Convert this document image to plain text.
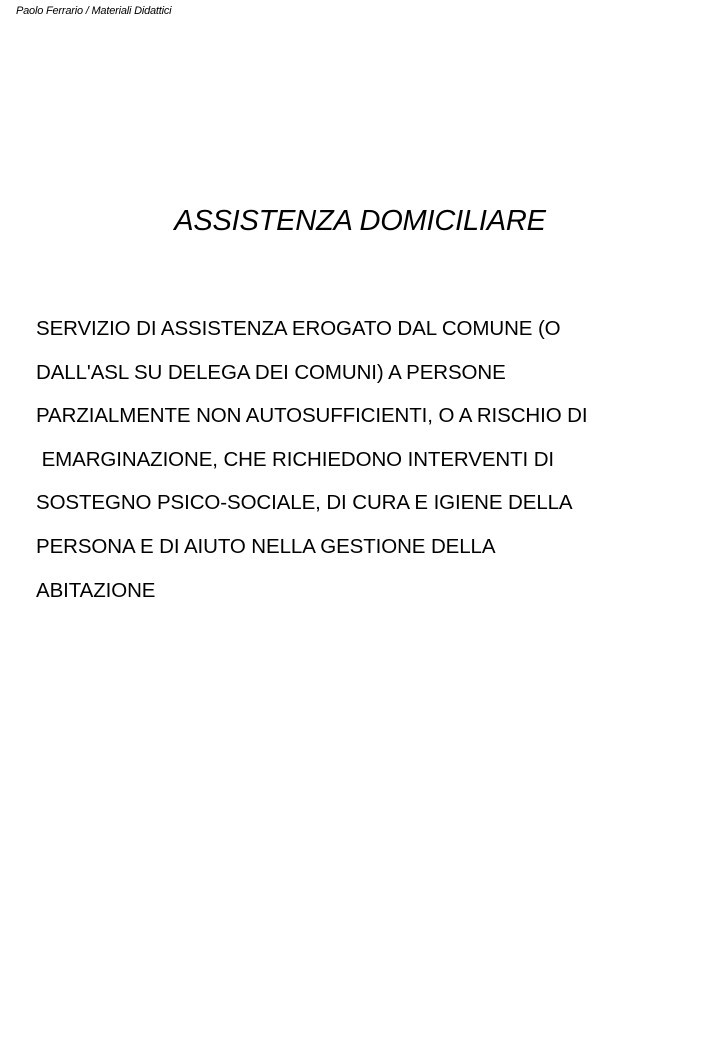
Paolo Ferrario / Materiali Didattici
ASSISTENZA DOMICILIARE
SERVIZIO DI ASSISTENZA EROGATO DAL COMUNE (O
DALL'ASL SU DELEGA DEI COMUNI) A PERSONE
PARZIALMENTE NON AUTOSUFFICIENTI, O A RISCHIO DI
EMARGINAZIONE, CHE RICHIEDONO INTERVENTI DI
SOSTEGNO PSICO-SOCIALE, DI CURA E IGIENE DELLA
PERSONA E DI AIUTO NELLA GESTIONE DELLA
ABITAZIONE
